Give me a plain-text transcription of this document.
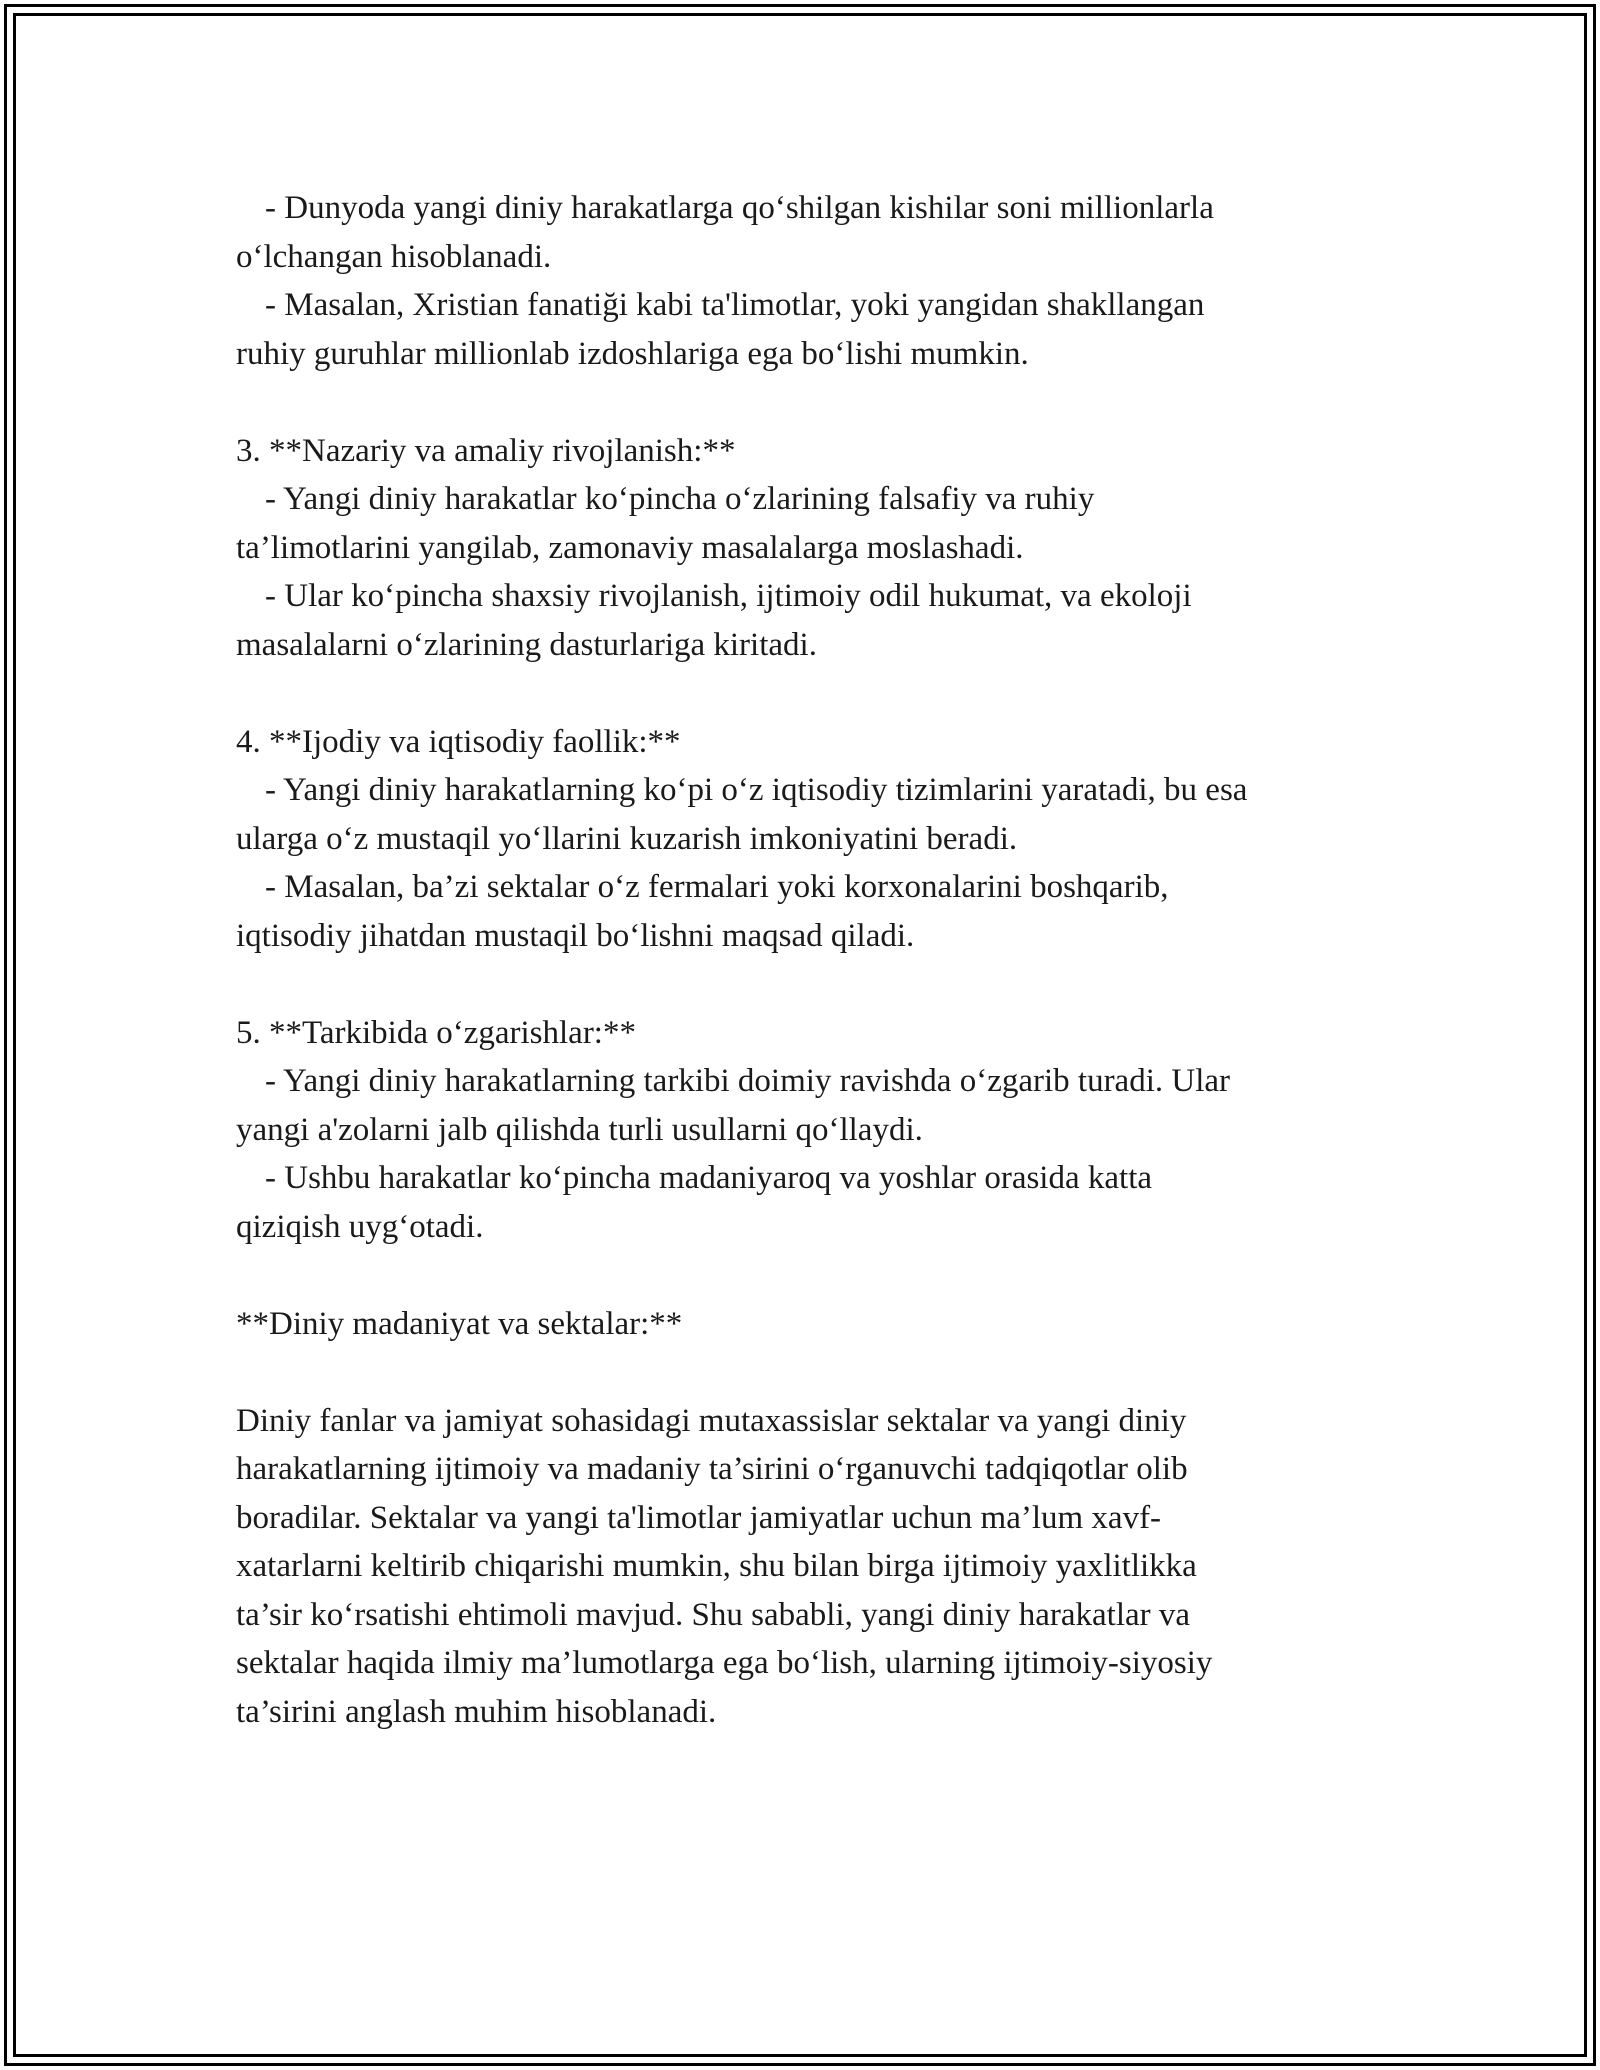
- Dunyoda yangi diniy harakatlarga qo‘shilgan kishilar soni millionlarla
o‘lchangan hisoblanadi.
- Masalan, Xristian fanatiği kabi ta'limotlar, yoki yangidan shakllangan
ruhiy guruhlar millionlab izdoshlariga ega bo‘lishi mumkin.
3. **Nazariy va amaliy rivojlanish:**
- Yangi diniy harakatlar ko‘pincha o‘zlarining falsafiy va ruhiy
ta’limotlarini yangilab, zamonaviy masalalarga moslashadi.
- Ular ko‘pincha shaxsiy rivojlanish, ijtimoiy odil hukumat, va ekoloji
masalalarni o‘zlarining dasturlariga kiritadi.
4. **Ijodiy va iqtisodiy faollik:**
- Yangi diniy harakatlarning ko‘pi o‘z iqtisodiy tizimlarini yaratadi, bu esa
ularga o‘z mustaqil yo‘llarini kuzarish imkoniyatini beradi.
- Masalan, ba’zi sektalar o‘z fermalari yoki korxonalarini boshqarib,
iqtisodiy jihatdan mustaqil bo‘lishni maqsad qiladi.
5. **Tarkibida o‘zgarishlar:**
- Yangi diniy harakatlarning tarkibi doimiy ravishda o‘zgarib turadi. Ular
yangi a'zolarni jalb qilishda turli usullarni qo‘llaydi.
- Ushbu harakatlar ko‘pincha madaniyaroq va yoshlar orasida katta
qiziqish uyg‘otadi.
**Diniy madaniyat va sektalar:**
Diniy fanlar va jamiyat sohasidagi mutaxassislar sektalar va yangi diniy
harakatlarning ijtimoiy va madaniy ta’sirini o‘rganuvchi tadqiqotlar olib
boradilar. Sektalar va yangi ta'limotlar jamiyatlar uchun ma’lum xavf-
xatarlarni keltirib chiqarishi mumkin, shu bilan birga ijtimoiy yaxlitlikka
ta’sir ko‘rsatishi ehtimoli mavjud. Shu sababli, yangi diniy harakatlar va
sektalar haqida ilmiy ma’lumotlarga ega bo‘lish, ularning ijtimoiy-siyosiy
ta’sirini anglash muhim hisoblanadi.
